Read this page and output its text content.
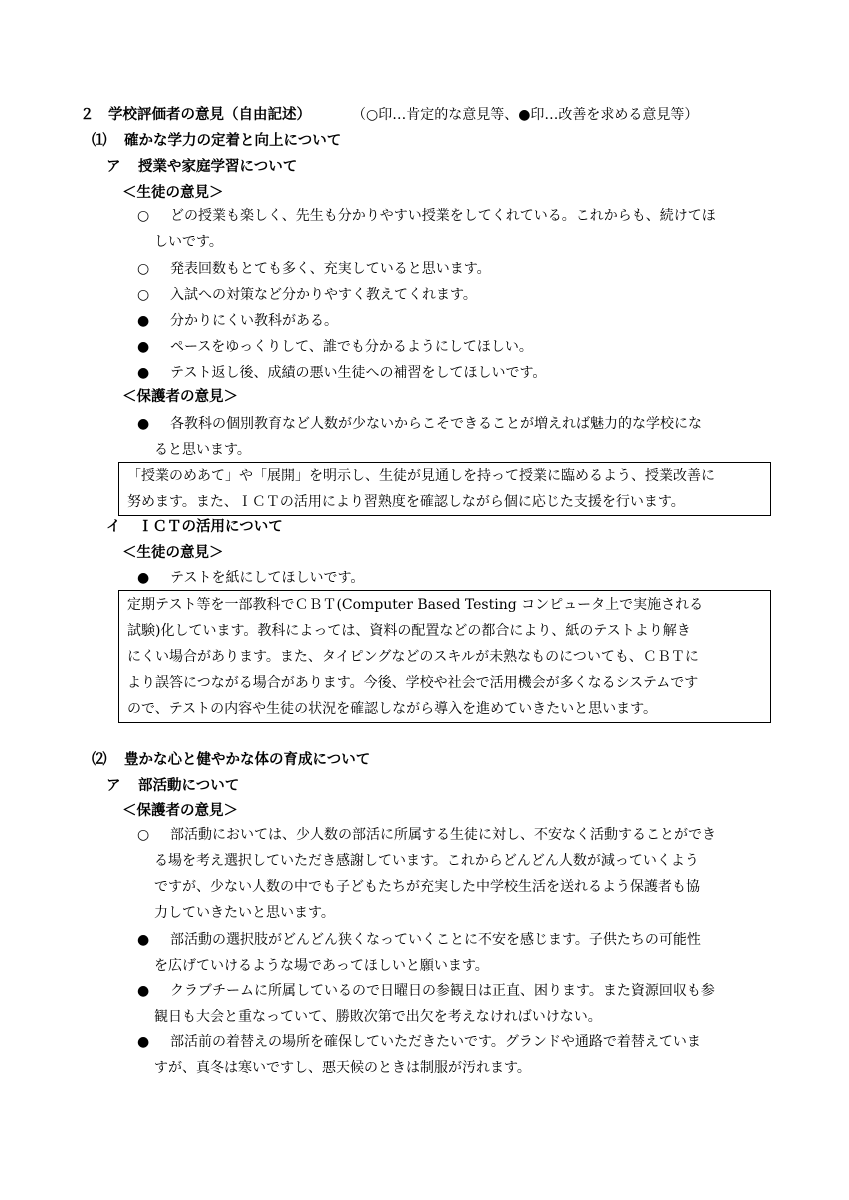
２ 学校評価者の意見（自由記述）	（○印…肯定的な意見等、●印…改善を求める意見等）
⑴ 確かな学力の定着と向上について
ア 授業や家庭学習について
＜生徒の意見＞
○ どの授業も楽しく、先生も分かりやすい授業をしてくれている。これからも、続けてほ
しいです。
○ 発表回数もとても多く、充実していると思います。
○ 入試への対策など分かりやすく教えてくれます。
● 分かりにくい教科がある。
● ペースをゆっくりして、誰でも分かるようにしてほしい。
● テスト返し後、成績の悪い生徒への補習をしてほしいです。
＜保護者の意見＞
● 各教科の個別教育など人数が少ないからこそできることが増えれば魅力的な学校にな
ると思います。
「授業のめあて」や「展開」を明示し、生徒が見通しを持って授業に臨めるよう、授業改善に
努めます。また、ＩＣＴの活用により習熟度を確認しながら個に応じた支援を行います。
イ ＩＣＴの活用について
＜生徒の意見＞
● テストを紙にしてほしいです。
定期テスト等を一部教科でＣＢＴ(Computer Based Testing コンピュータ上で実施される
試験)化しています。教科によっては、資料の配置などの都合により、紙のテストより解き
にくい場合があります。また、タイピングなどのスキルが未熟なものについても、ＣＢＴに
より誤答につながる場合があります。今後、学校や社会で活用機会が多くなるシステムです
ので、テストの内容や生徒の状況を確認しながら導入を進めていきたいと思います。
⑵ 豊かな心と健やかな体の育成について
ア 部活動について
＜保護者の意見＞
○ 部活動においては、少人数の部活に所属する生徒に対し、不安なく活動することができ
る場を考え選択していただき感謝しています。これからどんどん人数が減っていくよう
ですが、少ない人数の中でも子どもたちが充実した中学校生活を送れるよう保護者も協
力していきたいと思います。
● 部活動の選択肢がどんどん狭くなっていくことに不安を感じます。子供たちの可能性
を広げていけるような場であってほしいと願います。
● クラブチームに所属しているので日曜日の参観日は正直、困ります。また資源回収も参
観日も大会と重なっていて、勝敗次第で出欠を考えなければいけない。
● 部活前の着替えの場所を確保していただきたいです。グランドや通路で着替えていま
すが、真冬は寒いですし、悪天候のときは制服が汚れます。
